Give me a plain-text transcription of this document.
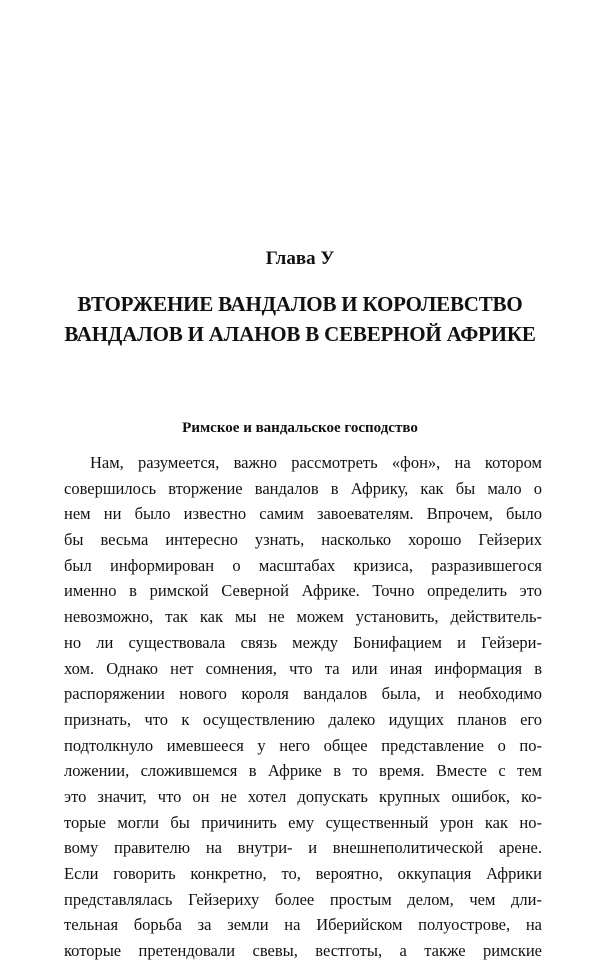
Глава У
ВТОРЖЕНИЕ ВАНДАЛОВ И КОРОЛЕВСТВО
ВАНДАЛОВ И АЛАНОВ В СЕВЕРНОЙ АФРИКЕ
Римское и вандальское господство
Нам, разумеется, важно рассмотреть «фон», на котором
совершилось вторжение вандалов в Африку, как бы мало о
нем ни было известно самим завоевателям. Впрочем, было
бы весьма интересно узнать, насколько хорошо Гейзерих
был информирован о масштабах кризиса, разразившегося
именно в римской Северной Африке. Точно определить это
невозможно, так как мы не можем установить, действитель-
но ли существовала связь между Бонифацием и Гейзери-
хом. Однако нет сомнения, что та или иная информация в
распоряжении нового короля вандалов была, и необходимо
признать, что к осуществлению далеко идущих планов его
подтолкнуло имевшееся у него общее представление о по-
ложении, сложившемся в Африке в то время. Вместе с тем
это значит, что он не хотел допускать крупных ошибок, ко-
торые могли бы причинить ему существенный урон как но-
вому правителю на внутри- и внешнеполитической арене.
Если говорить конкретно, то, вероятно, оккупация Африки
представлялась Гейзериху более простым делом, чем дли-
тельная борьба за земли на Иберийском полуострове, на
которые претендовали свевы, вестготы, а также римские
